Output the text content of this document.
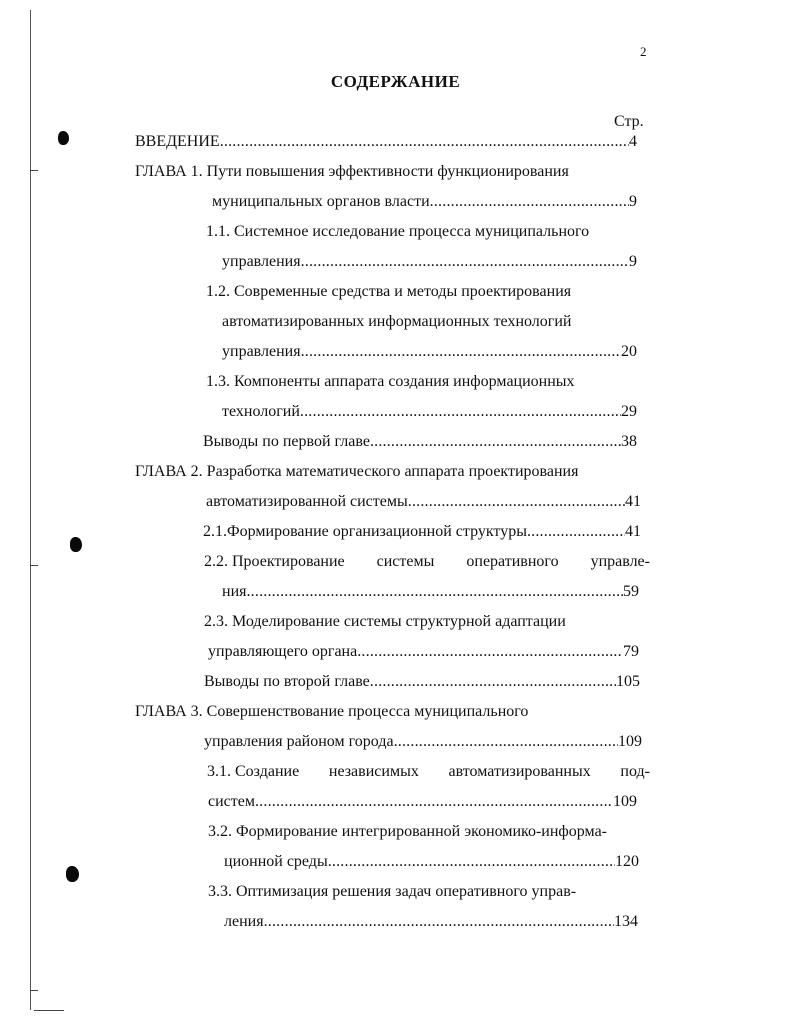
2
СОДЕРЖАНИЕ
Стр.
ВВЕДЕНИЕ .....	4
ГЛАВА 1. Пути повышения эффективности функционирования
муниципальных органов власти .....	9
1.1. Системное исследование процесса муниципального
управления .....	9
1.2. Современные средства и методы проектирования
автоматизированных информационных технологий
управления .....	20
1.3. Компоненты аппарата создания информационных
технологий .....	29
Выводы по первой главе .....	38
ГЛАВА 2. Разработка математического аппарата проектирования
автоматизированной системы .....	41
2.1.Формирование организационной структуры .....	41
2.2. Проектирование системы оперативного управле-
ния .....	59
2.3. Моделирование системы структурной адаптации
управляющего органа .....	79
Выводы по второй главе .....	105
ГЛАВА 3. Совершенствование процесса муниципального
управления районом города .....	109
3.1. Создание независимых автоматизированных под-
систем .....	109
3.2. Формирование интегрированной экономико-информа-
ционной среды .....	120
3.3. Оптимизация решения задач оперативного управ-
ления .....	134
